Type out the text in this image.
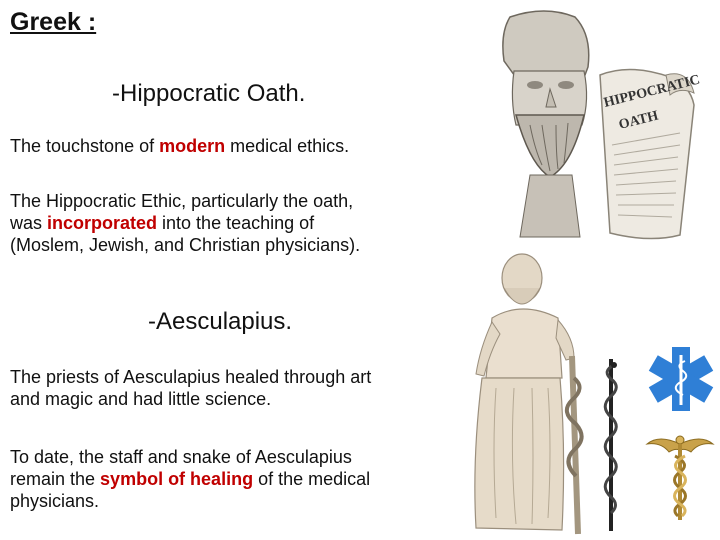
Greek :
-Hippocratic Oath.
The touchstone of modern medical ethics.
The Hippocratic Ethic, particularly the oath,
was incorporated into the teaching of
(Moslem, Jewish, and Christian physicians).
-Aesculapius.
The priests of Aesculapius healed through art
and magic and had little science.
To date, the staff and snake of Aesculapius
remain the symbol of healing of the medical
physicians.
HIPPOCRATIC
OATH
